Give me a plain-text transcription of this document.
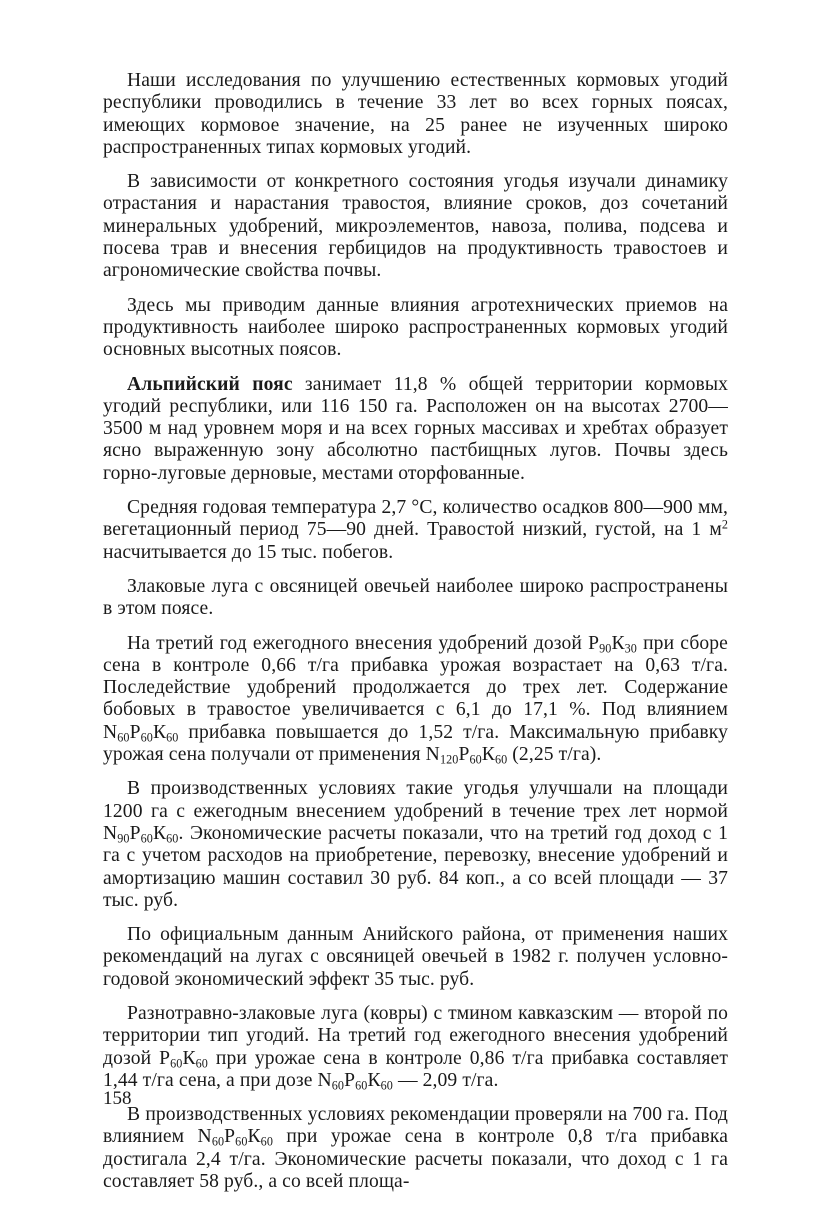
Наши исследования по улучшению естественных кормовых угодий республики проводились в течение 33 лет во всех горных поясах, имеющих кормовое значение, на 25 ранее не изученных широко распространенных типах кормовых угодий.

В зависимости от конкретного состояния угодья изучали динамику отрастания и нарастания травостоя, влияние сроков, доз сочетаний минеральных удобрений, микроэлементов, навоза, полива, подсева и посева трав и внесения гербицидов на продуктивность травостоев и агрономические свойства почвы.

Здесь мы приводим данные влияния агротехнических приемов на продуктивность наиболее широко распространенных кормовых угодий основных высотных поясов.

Альпийский пояс занимает 11,8 % общей территории кормовых угодий республики, или 116 150 га. Расположен он на высотах 2700—3500 м над уровнем моря и на всех горных массивах и хребтах образует ясно выраженную зону абсолютно пастбищных лугов. Почвы здесь горно-луговые дерновые, местами оторфованные.

Средняя годовая температура 2,7 °С, количество осадков 800—900 мм, вегетационный период 75—90 дней. Травостой низкий, густой, на 1 $м^2$ насчитывается до 15 тыс. побегов.

Злаковые луга с овсяницей овечьей наиболее широко распространены в этом поясе.

На третий год ежегодного внесения удобрений дозой $Р_{90}К_{30}$ при сборе сена в контроле 0,66 т/га прибавка урожая возрастает на 0,63 т/га. Последействие удобрений продолжается до трех лет. Содержание бобовых в травостое увеличивается с 6,1 до 17,1 %. Под влиянием $N_{60}Р_{60}К_{60}$ прибавка повышается до 1,52 т/га. Максимальную прибавку урожая сена получали от применения $N_{120}Р_{60}К_{60}$ (2,25 т/га).

В производственных условиях такие угодья улучшали на площади 1200 га с ежегодным внесением удобрений в течение трех лет нормой $N_{90}Р_{60}К_{60}$. Экономические расчеты показали, что на третий год доход с 1 га с учетом расходов на приобретение, перевозку, внесение удобрений и амортизацию машин составил 30 руб. 84 коп., а со всей площади — 37 тыс. руб.

По официальным данным Анийского района, от применения наших рекомендаций на лугах с овсяницей овечьей в 1982 г. получен условно-годовой экономический эффект 35 тыс. руб.

Разнотравно-злаковые луга (ковры) с тмином кавказским — второй по территории тип угодий. На третий год ежегодного внесения удобрений дозой $Р_{60}К_{60}$ при урожае сена в контроле 0,86 т/га прибавка составляет 1,44 т/га сена, а при дозе $N_{60}Р_{60}К_{60}$ — 2,09 т/га.

В производственных условиях рекомендации проверяли на 700 га. Под влиянием $N_{60}Р_{60}К_{60}$ при урожае сена в контроле 0,8 т/га прибавка достигала 2,4 т/га. Экономические расчеты показали, что доход с 1 га составляет 58 руб., а со всей площа-

158
